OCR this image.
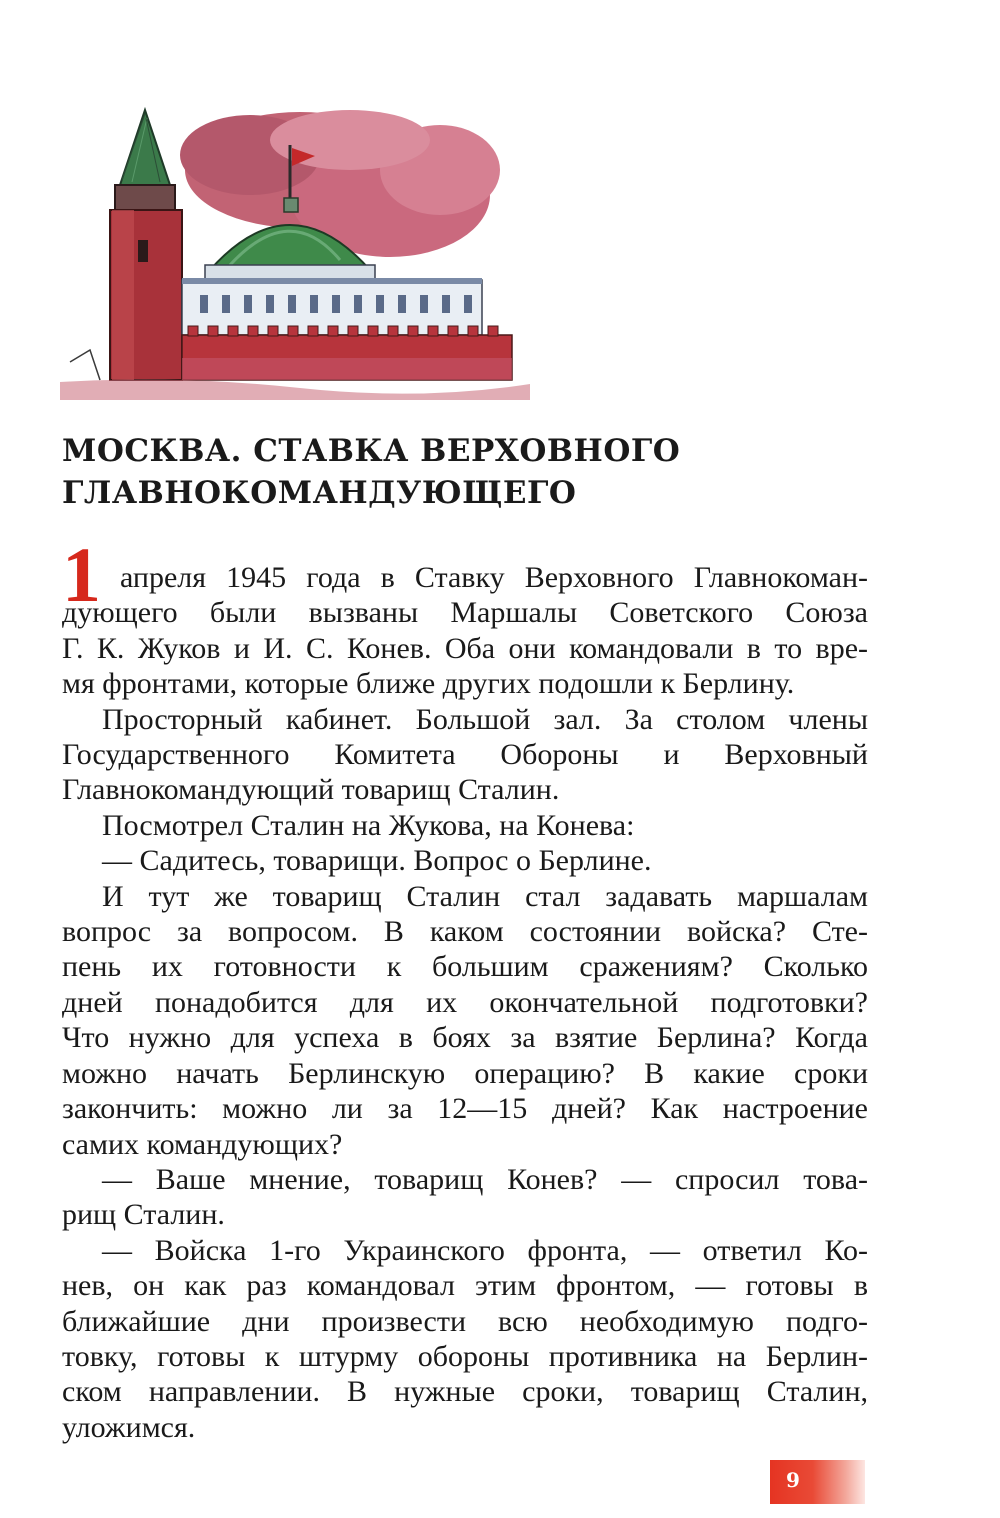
МОСКВА. СТАВКА ВЕРХОВНОГО
ГЛАВНОКОМАНДУЮЩЕГО
1 апреля 1945 года в Ставку Верховного Главнокоман-
дующего были вызваны Маршалы Советского Союза
Г. К. Жуков и И. С. Конев. Оба они командовали в то вре-
мя фронтами, которые ближе других подошли к Берлину.
Просторный кабинет. Большой зал. За столом члены
Государственного Комитета Обороны и Верховный
Главнокомандующий товарищ Сталин.
Посмотрел Сталин на Жукова, на Конева:
— Садитесь, товарищи. Вопрос о Берлине.
И тут же товарищ Сталин стал задавать маршалам
вопрос за вопросом. В каком состоянии войска? Сте-
пень их готовности к большим сражениям? Сколько
дней понадобится для их окончательной подготовки?
Что нужно для успеха в боях за взятие Берлина? Когда
можно начать Берлинскую операцию? В какие сроки
закончить: можно ли за 12—15 дней? Как настроение
самих командующих?
— Ваше мнение, товарищ Конев? — спросил това-
рищ Сталин.
— Войска 1-го Украинского фронта, — ответил Ко-
нев, он как раз командовал этим фронтом, — готовы в
ближайшие дни произвести всю необходимую подго-
товку, готовы к штурму обороны противника на Берлин-
ском направлении. В нужные сроки, товарищ Сталин,
уложимся.
9
